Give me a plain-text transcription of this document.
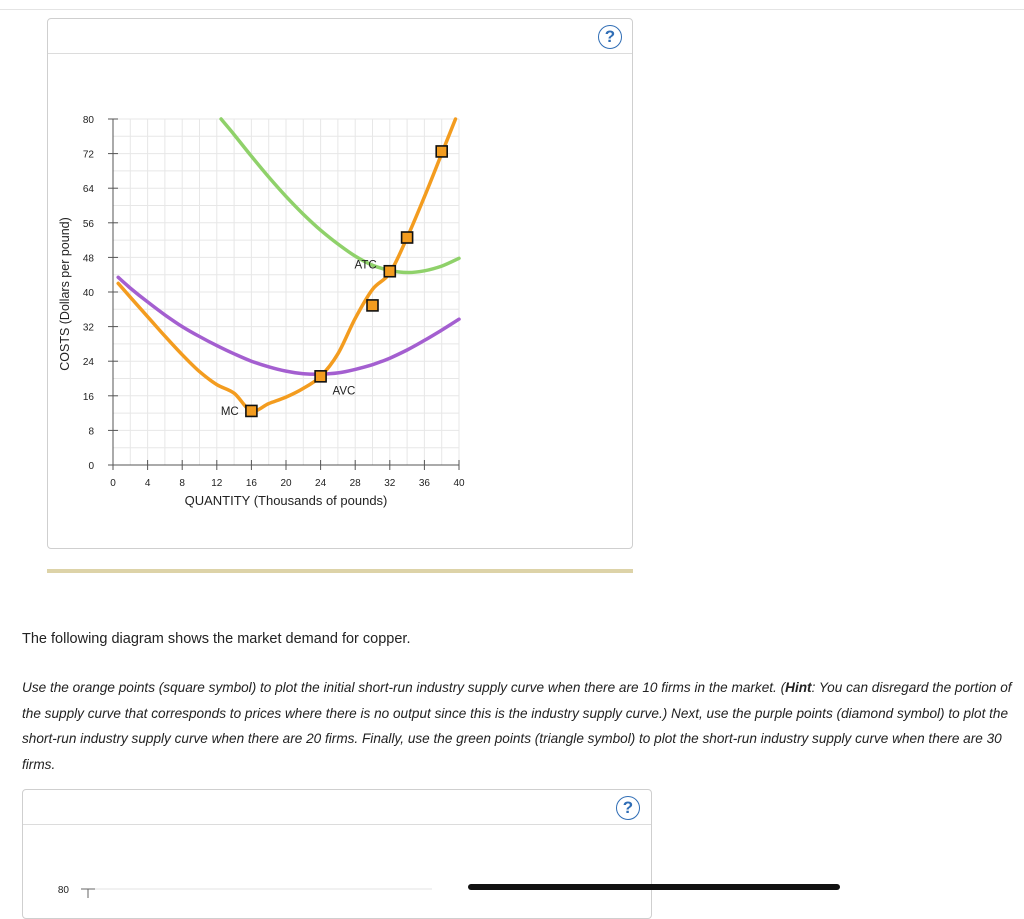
?
0	4	8	12 16 20 24 28 32 36 40
0
8
16
24
32
40
48
56
64
72
80
MC
AVC
ATC
QUANTITY (Thousands of pounds)
COSTS (Dollars per pound)

The following diagram shows the market demand for copper.

Use the orange points (square symbol) to plot the initial short-run industry supply curve when there are 10 firms in the market. (Hint: You can disregard the portion of the supply curve that corresponds to prices where there is no output since this is the industry supply curve.) Next, use the purple points (diamond symbol) to plot the short-run industry supply curve when there are 20 firms. Finally, use the green points (triangle symbol) to plot the short-run industry supply curve when there are 30 firms.

?
80
